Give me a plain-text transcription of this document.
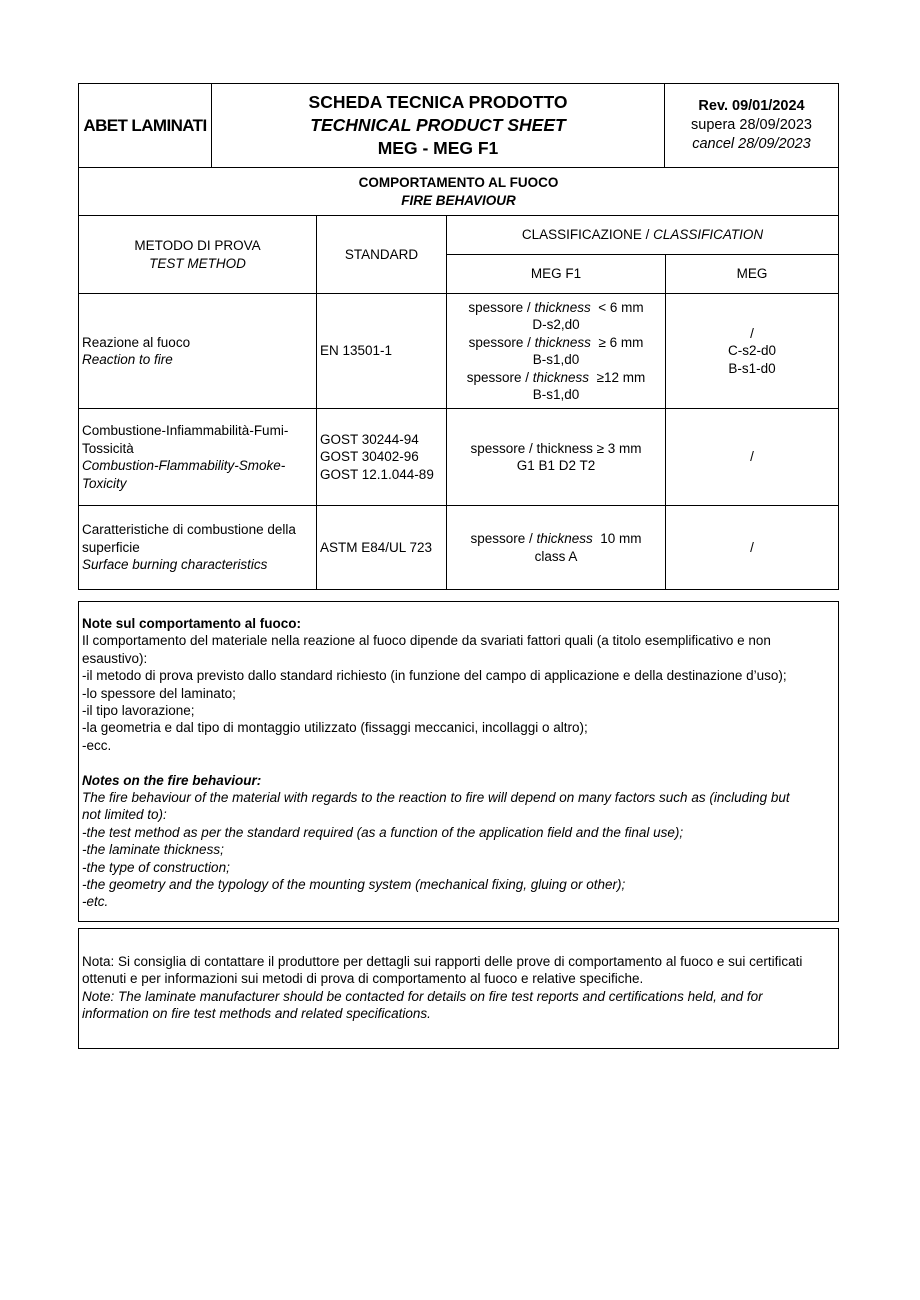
ABET LAMINATI
SCHEDA TECNICA PRODOTTO
TECHNICAL PRODUCT SHEET
MEG - MEG F1
Rev. 09/01/2024
supera 28/09/2023
cancel 28/09/2023
COMPORTAMENTO AL FUOCO
FIRE BEHAVIOUR
METODO DI PROVA
TEST METHOD
STANDARD
CLASSIFICAZIONE / CLASSIFICATION
MEG F1	MEG
Reazione al fuoco
Reaction to fire
EN 13501-1
spessore / thickness  < 6 mm
D-s2,d0
spessore / thickness  ≥ 6 mm
B-s1,d0
spessore / thickness  ≥12 mm
B-s1,d0
/
C-s2-d0
B-s1-d0
Combustione-Infiammabilità-Fumi-
Tossicità
Combustion-Flammability-Smoke-
Toxicity
GOST 30244-94
GOST 30402-96
GOST 12.1.044-89
spessore / thickness ≥ 3 mm
G1 B1 D2 T2
/
Caratteristiche di combustione della
superficie
Surface burning characteristics
ASTM E84/UL 723
spessore / thickness  10 mm
class A
/
Note sul comportamento al fuoco:
Il comportamento del materiale nella reazione al fuoco dipende da svariati fattori quali (a titolo esemplificativo e non
esaustivo):
-il metodo di prova previsto dallo standard richiesto (in funzione del campo di applicazione e della destinazione d’uso);
-lo spessore del laminato;
-il tipo lavorazione;
-la geometria e dal tipo di montaggio utilizzato (fissaggi meccanici, incollaggi o altro);
-ecc.
Notes on the fire behaviour:
The fire behaviour of the material with regards to the reaction to fire will depend on many factors such as (including but
not limited to):
-the test method as per the standard required (as a function of the application field and the final use);
-the laminate thickness;
-the type of construction;
-the geometry and the typology of the mounting system (mechanical fixing, gluing or other);
-etc.
Nota: Si consiglia di contattare il produttore per dettagli sui rapporti delle prove di comportamento al fuoco e sui certificati
ottenuti e per informazioni sui metodi di prova di comportamento al fuoco e relative specifiche.
Note: The laminate manufacturer should be contacted for details on fire test reports and certifications held, and for
information on fire test methods and related specifications.
